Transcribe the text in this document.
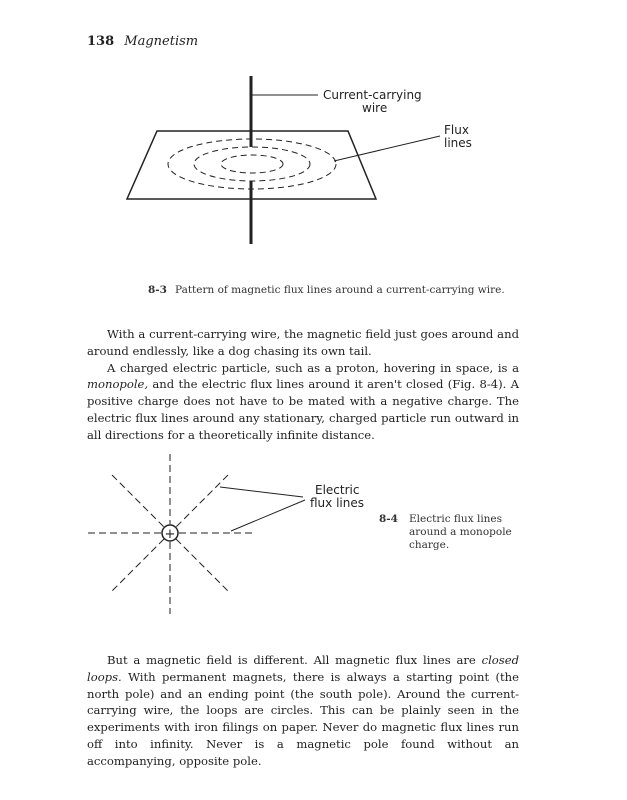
138 Magnetism
Current-carrying
wire
Flux
lines
+
Electric
flux lines
8-3 Pattern of magnetic flux lines around a current-carrying wire.
8-4 Electric flux lines around a monopole charge.

With a current-carrying wire, the magnetic field just goes around and around endlessly, like a dog chasing its own tail.

A charged electric particle, such as a proton, hovering in space, is a monopole, and the electric flux lines around it aren't closed (Fig. 8-4). A positive charge does not have to be mated with a negative charge. The electric flux lines around any stationary, charged particle run outward in all directions for a theoretically infinite distance.

But a magnetic field is different. All magnetic flux lines are closed loops. With permanent magnets, there is always a starting point (the north pole) and an ending point (the south pole). Around the current-carrying wire, the loops are circles. This can be plainly seen in the experiments with iron filings on paper. Never do magnetic flux lines run off into infinity. Never is a magnetic pole found without an accompanying, opposite pole.
